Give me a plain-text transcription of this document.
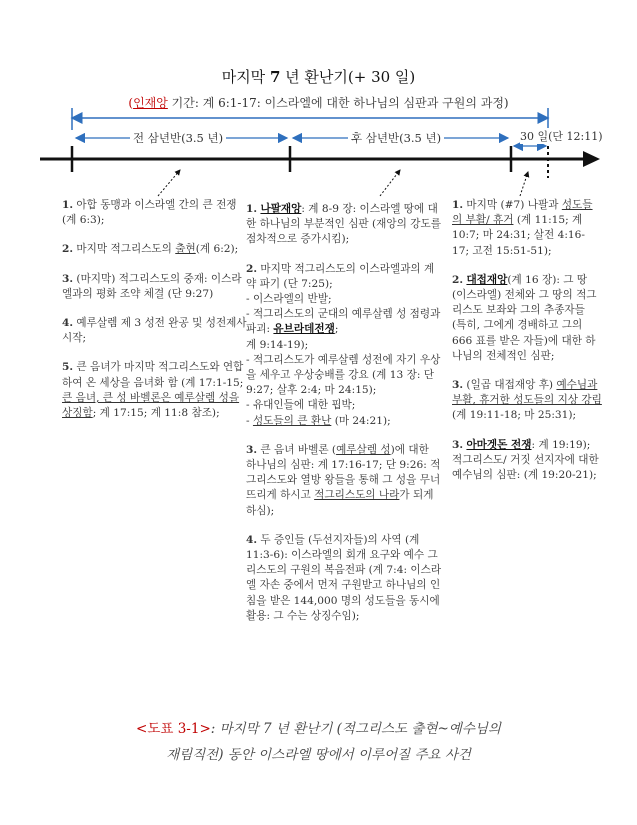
마지막 7 년 환난기(+ 30 일)
(인재앙 기간: 계 6:1-17: 이스라엘에 대한 하나님의 심판과 구원의 과정)
전 삼년반(3.5 년)	후 삼년반(3.5 년)	30 일(단 12:11)

1. 아합 동맹과 이스라엘 간의 큰 전쟁 (계 6:3);

2. 마지막 적그리스도의 출현(계 6:2);

3. (마지막) 적그리스도의 중재: 이스라엘과의 평화 조약 체결 (단 9:27)

4. 예루살렘 제 3 성전 완공 및 성전제사 시작;

5. 큰 음녀가 마지막 적그리스도와 연합하여 온 세상을 음녀화 함 (계 17:1-15; 큰 음녀, 큰 성 바벨론은 예루살렘 성을 상징함; 계 17:15; 계 11:8 참조);

1. 나팔재앙: 계 8-9 장: 이스라엘 땅에 대한 하나님의 부분적인 심판 (재앙의 강도를 점차적으로 증가시킴);

2. 마지막 적그리스도의 이스라엘과의 계약 파기 (단 7:25);
- 이스라엘의 반발;
- 적그리스도의 군대의 예루살렘 성 점령과 파괴: 유브라데전쟁;
계 9:14-19);
- 적그리스도가 예루살렘 성전에 자기 우상을 세우고 우상숭배를 강요 (계 13 장: 단 9:27; 살후 2:4; 마 24:15);
- 유대인들에 대한 핍박;
- 성도들의 큰 환난 (마 24:21);

3. 큰 음녀 바벨론 (예루살렘 성)에 대한 하나님의 심판: 계 17:16-17; 단 9:26: 적그리스도와 열방 왕들을 통해 그 성을 무너뜨리게 하시고 적그리스도의 나라가 되게 하심);

4. 두 증인들 (두선지자들)의 사역 (계 11:3-6): 이스라엘의 회개 요구와 예수 그리스도의 구원의 복음전파 (계 7:4: 이스라엘 자손 중에서 먼저 구원받고 하나님의 인침을 받은 144,000 명의 성도들을 동시에 활용: 그 수는 상징수임);

1. 마지막 (#7) 나팔과 성도들의 부활/ 휴거 (계 11:15; 계 10:7; 마 24:31; 살전 4:16-17; 고전 15:51-51);

2. 대접재앙(계 16 장): 그 땅 (이스라엘) 전체와 그 땅의 적그리스도 보좌와 그의 추종자들 (특히, 그에게 경배하고 그의 666 표를 받은 자들)에 대한 하나님의 전체적인 심판;

3. (일곱 대접재앙 후) 예수님과 부활, 휴거한 성도들의 지상 강림 (계 19:11-18; 마 25:31);

3. 아마겟돈 전쟁: 계 19:19); 적그리스도/ 거짓 선지자에 대한 예수님의 심판: (계 19:20-21);

<도표 3-1>: 마지막 7 년 환난기 (적그리스도 출현~예수님의
재림직전) 동안 이스라엘 땅에서 이루어질 주요 사건
